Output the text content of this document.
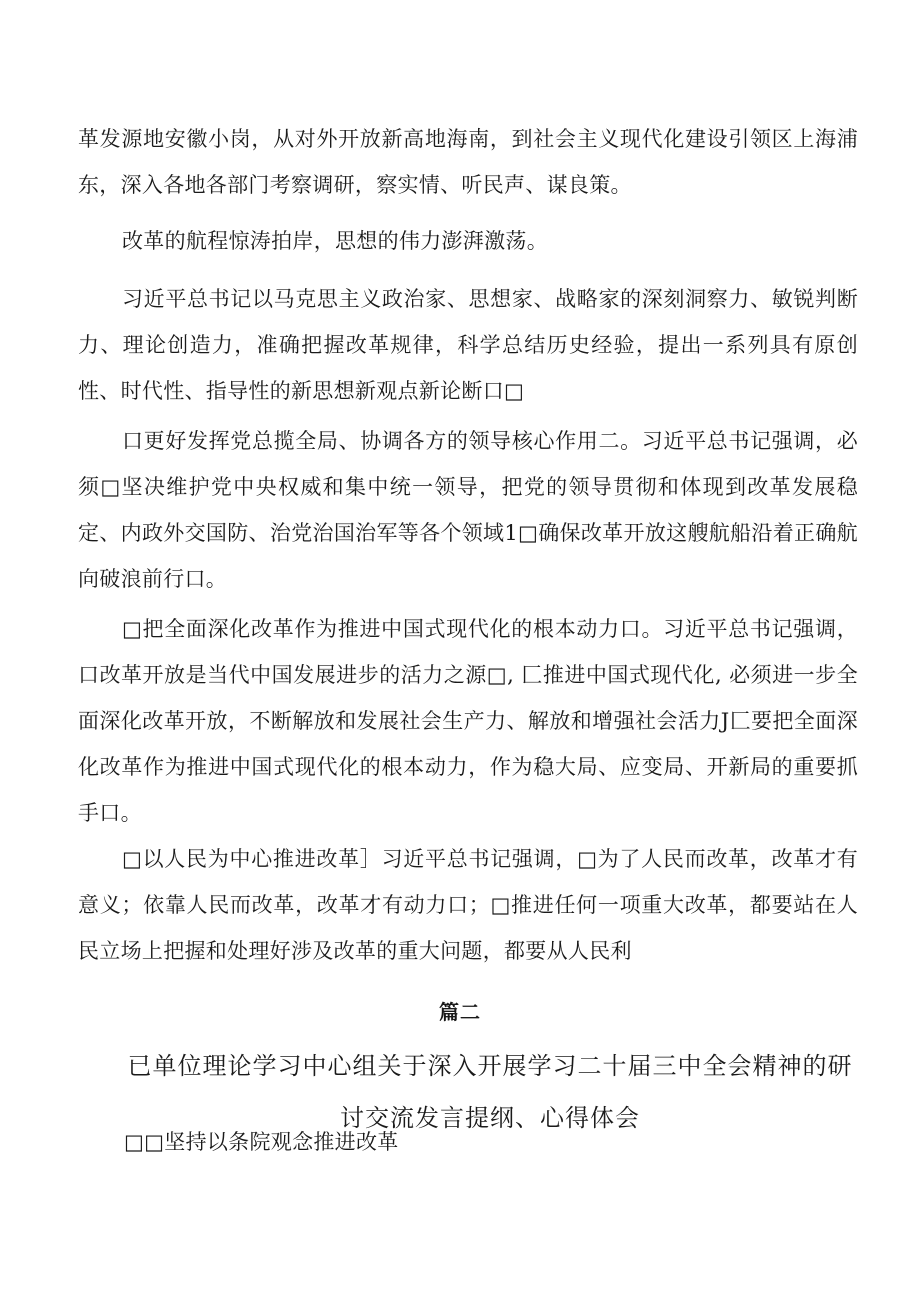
革发源地安徽小岗，从对外开放新高地海南，到社会主义现代化建设引领区上海浦东，深入各地各部门考察调研，察实情、听民声、谋良策。

改革的航程惊涛拍岸，思想的伟力澎湃激荡。

习近平总书记以马克思主义政治家、思想家、战略家的深刻洞察力、敏锐判断力、理论创造力，准确把握改革规律，科学总结历史经验，提出一系列具有原创性、时代性、指导性的新思想新观点新论断口□

口更好发挥党总揽全局、协调各方的领导核心作用二。习近平总书记强调，必须□坚决维护党中央权威和集中统一领导，把党的领导贯彻和体现到改革发展稳定、内政外交国防、治党治国治军等各个领域1□确保改革开放这艘航船沿着正确航向破浪前行口。

□把全面深化改革作为推进中国式现代化的根本动力口。习近平总书记强调，口改革开放是当代中国发展进步的活力之源□, 匚推进中国式现代化, 必须进一步全面深化改革开放，不断解放和发展社会生产力、解放和增强社会活力J匚要把全面深化改革作为推进中国式现代化的根本动力，作为稳大局、应变局、开新局的重要抓手口。

□以人民为中心推进改革］习近平总书记强调，□为了人民而改革，改革才有意义；依靠人民而改革，改革才有动力口；□推进任何一项重大改革，都要站在人民立场上把握和处理好涉及改革的重大问题，都要从人民利

篇二

已单位理论学习中心组关于深入开展学习二十届三中全会精神的研讨交流发言提纲、心得体会

□□坚持以条院观念推进改革
